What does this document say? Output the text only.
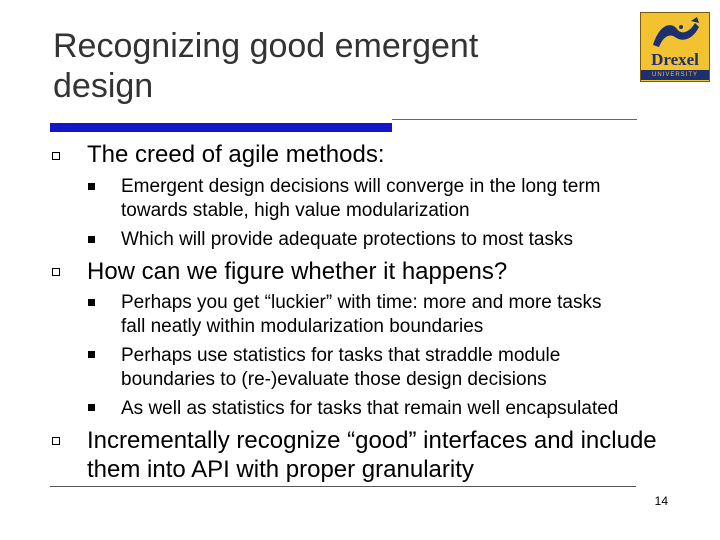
Recognizing good emergent
design
Drexel
UNIVERSITY
The creed of agile methods:
Emergent design decisions will converge in the long term
towards stable, high value modularization
Which will provide adequate protections to most tasks
How can we figure whether it happens?
Perhaps you get “luckier” with time: more and more tasks
fall neatly within modularization boundaries
Perhaps use statistics for tasks that straddle module
boundaries to (re-)evaluate those design decisions
As well as statistics for tasks that remain well encapsulated
Incrementally recognize “good” interfaces and include
them into API with proper granularity
14
